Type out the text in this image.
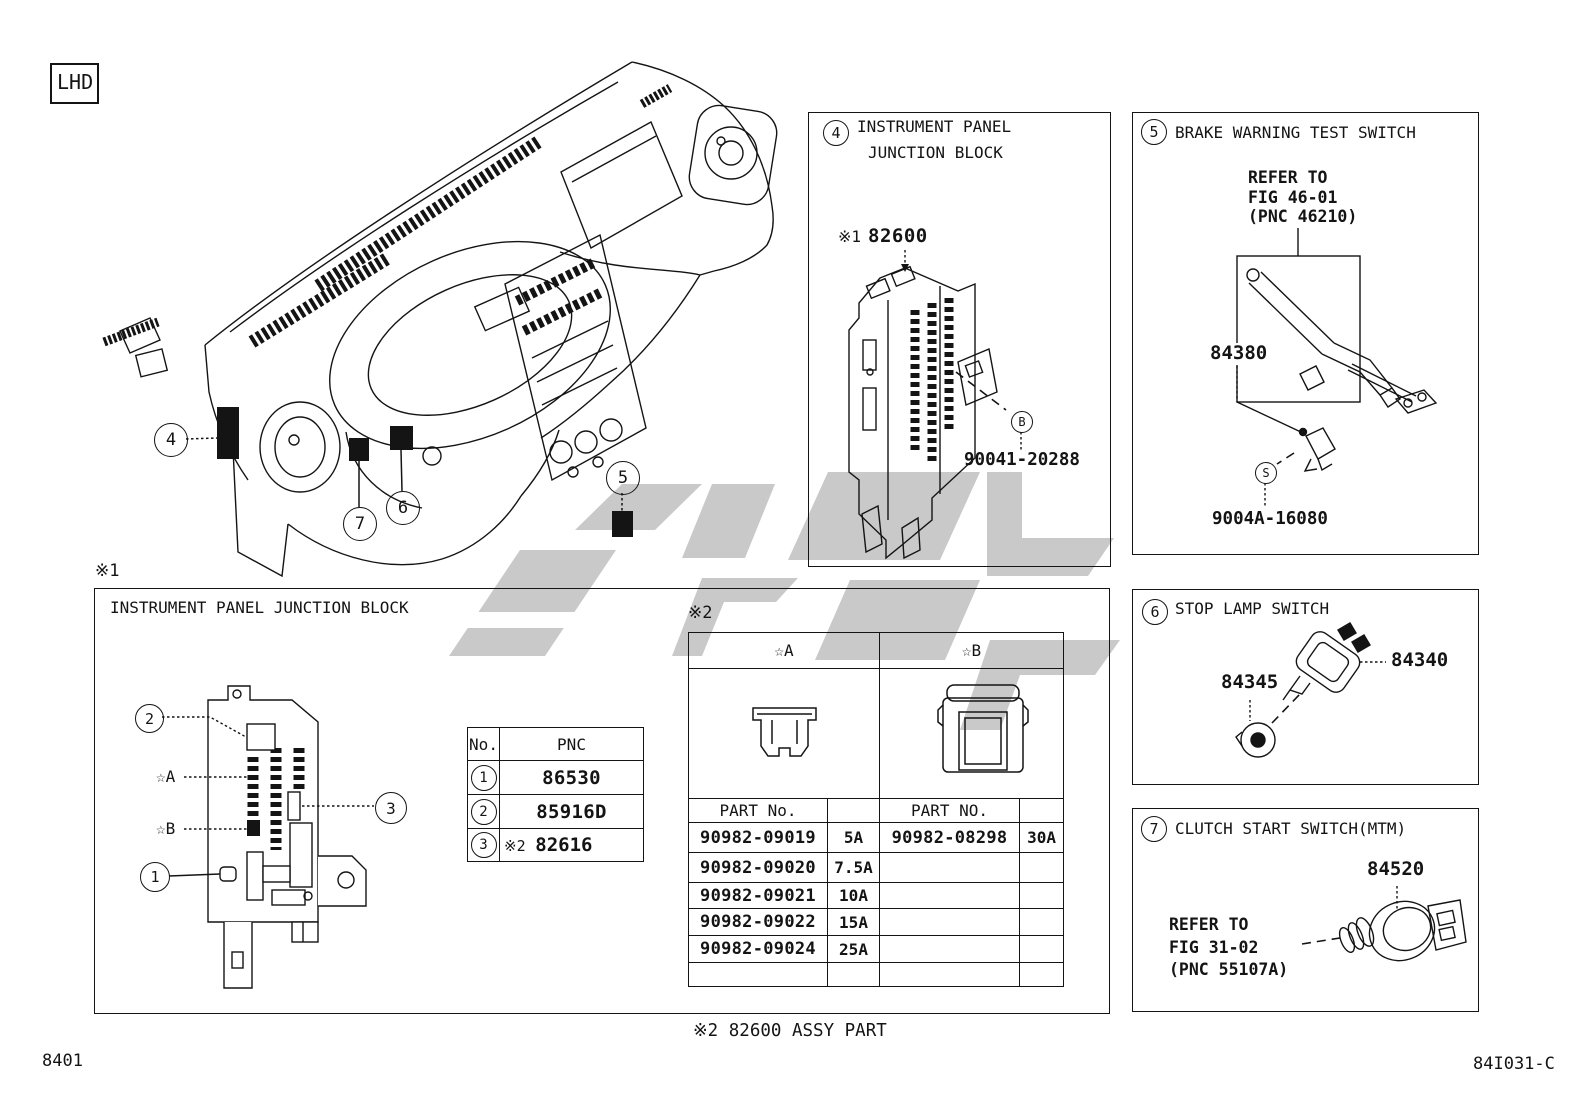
LHD
4
7
6
5
4 INSTRUMENT PANEL
JUNCTION BLOCK
※1 82600
B
90041-20288
5 BRAKE WARNING TEST SWITCH
REFER TO
FIG 46-01
(PNC 46210)
84380
S
9004A-16080
6 STOP LAMP SWITCH
84345
84340
7 CLUTCH START SWITCH(MTM)
84520
REFER TO
FIG 31-02
(PNC 55107A)
※1
INSTRUMENT PANEL JUNCTION BLOCK
2
☆A
☆B
1
3
No.	PNC

1	86530

2	85916D

3	※2 82616
※2
☆A		☆B	

PART No.		PART NO.	
90982-09019	5A	90982-08298	30A
90982-09020	7.5A		
90982-09021	10A		
90982-09022	15A		
90982-09024	25A		

※2 82600 ASSY PART
8401	84I031-C
